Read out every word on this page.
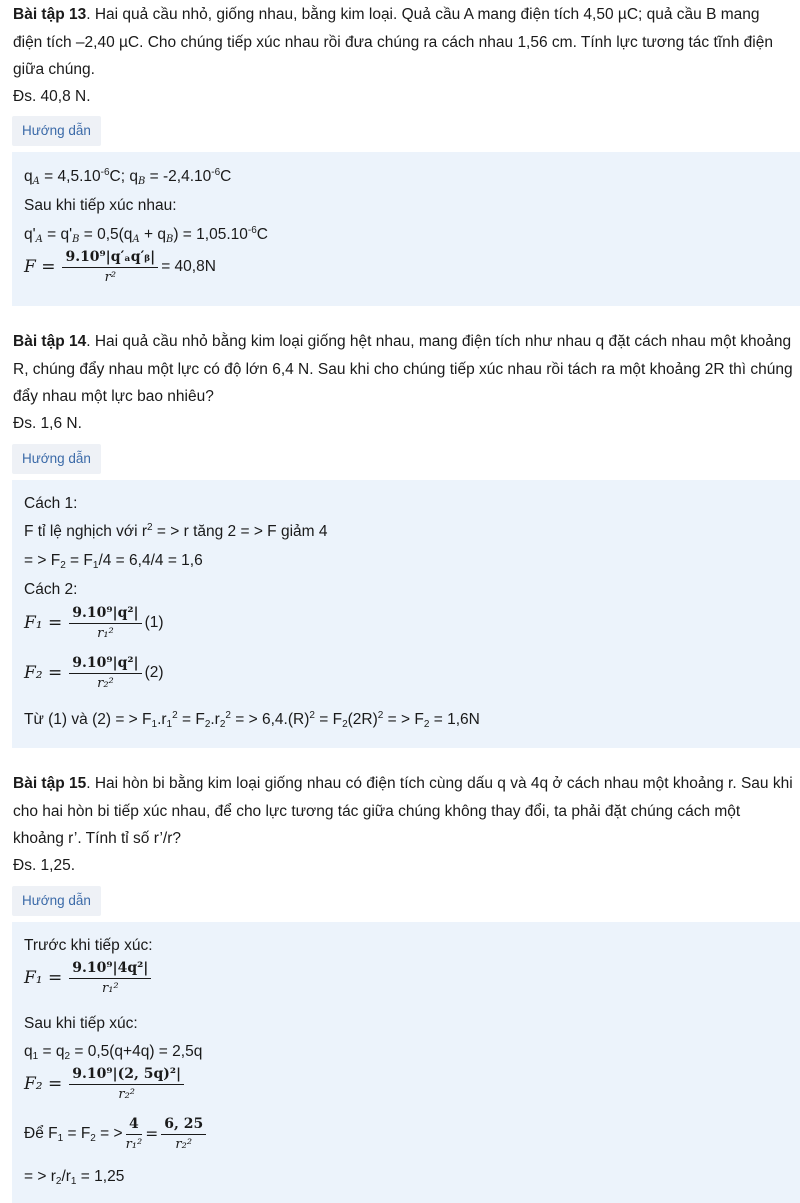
Bài tập 13. Hai quả cầu nhỏ, giống nhau, bằng kim loại. Quả cầu A mang điện tích 4,50 µC; quả cầu B mang điện tích –2,40 µC. Cho chúng tiếp xúc nhau rồi đưa chúng ra cách nhau 1,56 cm. Tính lực tương tác tĩnh điện giữa chúng.

Đs. 40,8 N.

Hướng dẫn
$q_A = 4,5.10^{-6}C$; $q_B = -2,4.10^{-6}C$
Sau khi tiếp xúc nhau:
$q'_A = q'_B = 0,5(q_A + q_B) = 1,05.10^{-6}C$
$F = \frac{\text{9.10⁹|q′ₐq′ᵦ|}}{\text{r²}} = 40,8N$

Bài tập 14. Hai quả cầu nhỏ bằng kim loại giống hệt nhau, mang điện tích như nhau q đặt cách nhau một khoảng R, chúng đẩy nhau một lực có độ lớn 6,4 N. Sau khi cho chúng tiếp xúc nhau rồi tách ra một khoảng 2R thì chúng đẩy nhau một lực bao nhiêu?

Đs. 1,6 N.

Hướng dẫn
Cách 1:
F tỉ lệ nghịch với $r^2$ = > r tăng 2 = > F giảm 4
= > $F_2 = F_1/4 = 6,4/4 = 1,6$
Cách 2:
$F_1 = \frac{\text{9.10⁹|q²|}}{\text{r₁²}} (1)$
$F_2 = \frac{\text{9.10⁹|q²|}}{\text{r₂²}} (2)$
Từ (1) và (2) = > $F_1.r_1^2 = F_2.r_2^2$ = > $6,4.(R)^2 = F_2(2R)^2$ = > $F_2 = 1,6N$

Bài tập 15. Hai hòn bi bằng kim loại giống nhau có điện tích cùng dấu q và 4q ở cách nhau một khoảng r. Sau khi cho hai hòn bi tiếp xúc nhau, để cho lực tương tác giữa chúng không thay đổi, ta phải đặt chúng cách một khoảng r’. Tính tỉ số r’/r?

Đs. 1,25.

Hướng dẫn
Trước khi tiếp xúc:
$F_1 = \frac{\text{9.10⁹|4q²|}}{\text{r₁²}}$
Sau khi tiếp xúc:
$q_1 = q_2 = 0,5(q+4q) = 2,5q$
$F_2 = \frac{\text{9.10⁹|(2, 5q)²|}}{\text{r₂²}}$
Để $F_1 = F_2$ = > $\frac{4}{\text{r₁²}} = \frac{6, 25}{\text{r₂²}}$
= > $r_2/r_1 = 1,25$
